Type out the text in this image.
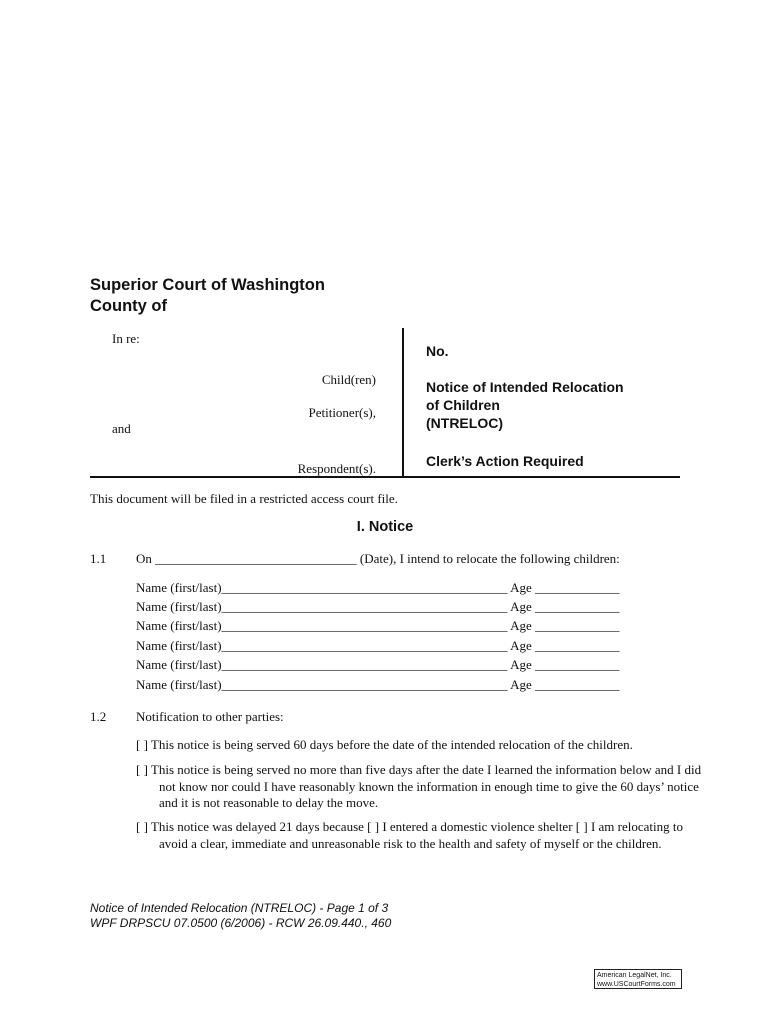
Superior Court of Washington
County of
In re:
Child(ren)
Petitioner(s),
and
Respondent(s).
No.
Notice of Intended Relocation
of Children
(NTRELOC)
Clerk’s Action Required
This document will be filed in a restricted access court file.
I. Notice
1.1 On _______________________________ (Date), I intend to relocate the following children:
Name (first/last)____________________________________________ Age _____________
Name (first/last)____________________________________________ Age _____________
Name (first/last)____________________________________________ Age _____________
Name (first/last)____________________________________________ Age _____________
Name (first/last)____________________________________________ Age _____________
Name (first/last)____________________________________________ Age _____________
1.2 Notification to other parties:
[ ] This notice is being served 60 days before the date of the intended relocation of the children.
[ ] This notice is being served no more than five days after the date I learned the information below and I did not know nor could I have reasonably known the information in enough time to give the 60 days’ notice and it is not reasonable to delay the move.
[ ] This notice was delayed 21 days because [ ] I entered a domestic violence shelter [ ] I am relocating to avoid a clear, immediate and unreasonable risk to the health and safety of myself or the children.
Notice of Intended Relocation (NTRELOC) - Page 1 of 3
WPF DRPSCU 07.0500 (6/2006) - RCW 26.09.440., 460
American LegalNet, Inc.
www.USCourtForms.com
